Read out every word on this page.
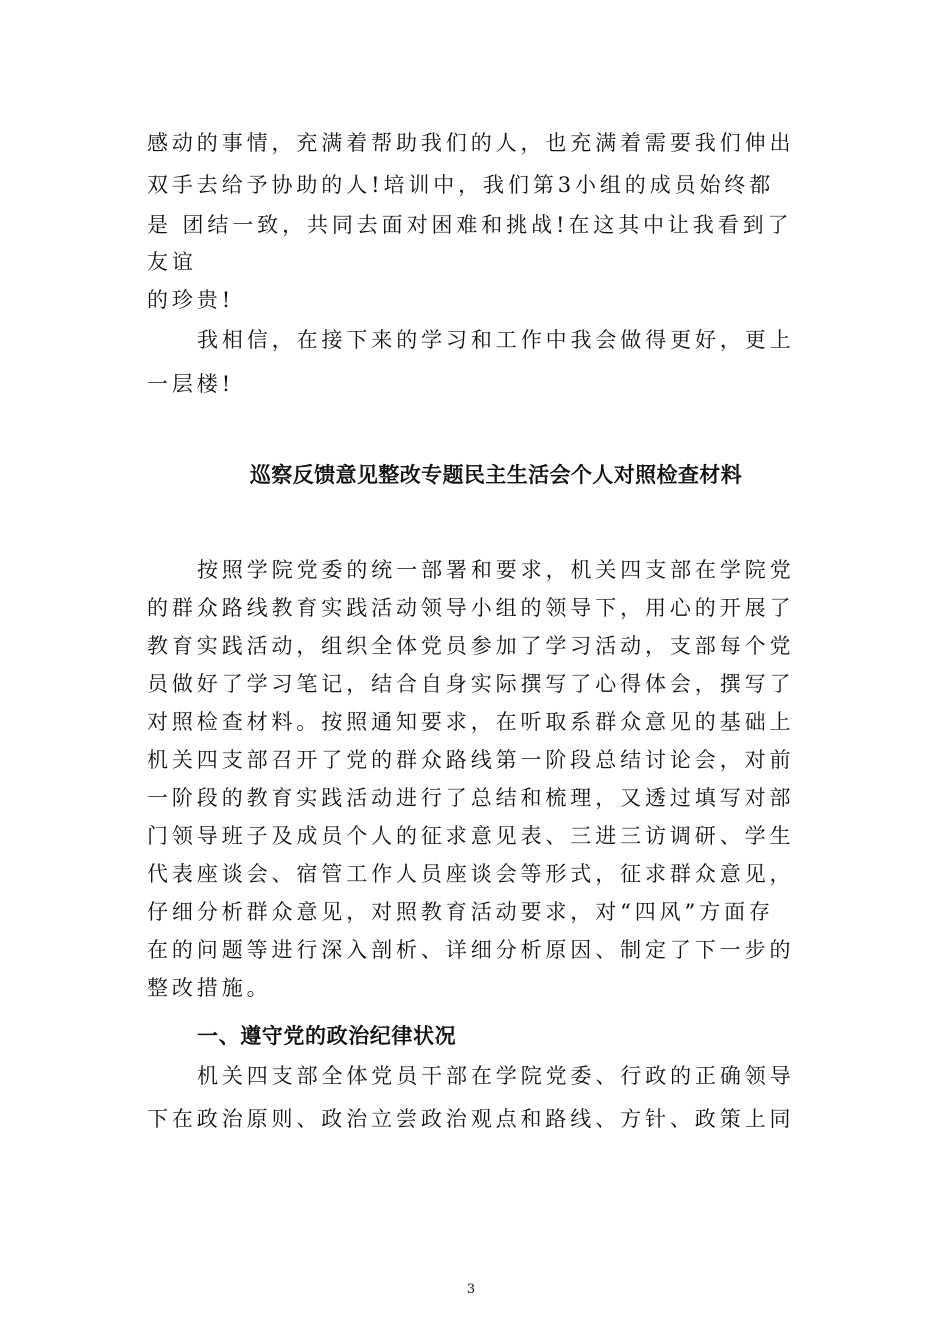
感动的事情，充满着帮助我们的人，也充满着需要我们伸出
双手去给予协助的人!培训中，我们第3小组的成员始终都
是 团结一致，共同去面对困难和挑战!在这其中让我看到了
友谊
的珍贵!
我相信，在接下来的学习和工作中我会做得更好，更上
一层楼!
巡察反馈意见整改专题民主生活会个人对照检查材料
按照学院党委的统一部署和要求，机关四支部在学院党
的群众路线教育实践活动领导小组的领导下，用心的开展了
教育实践活动，组织全体党员参加了学习活动，支部每个党
员做好了学习笔记，结合自身实际撰写了心得体会，撰写了
对照检查材料。按照通知要求，在听取系群众意见的基础上
机关四支部召开了党的群众路线第一阶段总结讨论会，对前
一阶段的教育实践活动进行了总结和梳理，又透过填写对部
门领导班子及成员个人的征求意见表、三进三访调研、学生
代表座谈会、宿管工作人员座谈会等形式，征求群众意见，
仔细分析群众意见，对照教育活动要求，对“四风”方面存
在的问题等进行深入剖析、详细分析原因、制定了下一步的
整改措施。
一、遵守党的政治纪律状况
机关四支部全体党员干部在学院党委、行政的正确领导
下在政治原则、政治立尝政治观点和路线、方针、政策上同
3
